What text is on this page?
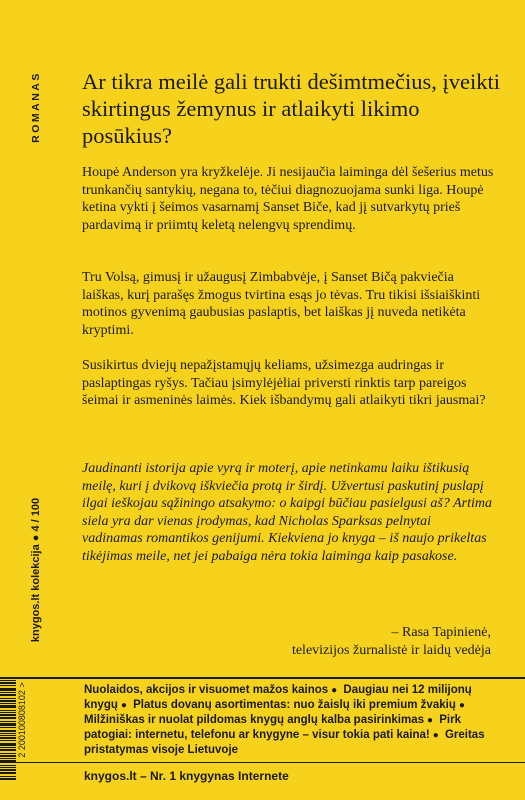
ROMANAS Ar tikra meilė gali trukti dešimtmečius, įveikti skirtingus žemynus ir atlaikyti likimo posūkius?

Houpė Anderson yra kryžkelėje. Ji nesijaučia laiminga dėl šešerius metus trunkančių santykių, negana to, tėčiui diagnozuojama sunki liga. Houpė ketina vykti į šeimos vasarnamį Sanset Biče, kad jį sutvarkytų prieš pardavimą ir priimtų keletą nelengvų sprendimų.

Tru Volsą, gimusį ir užaugusį Zimbabvėje, į Sanset Bičą pakviečia laiškas, kurį parašęs žmogus tvirtina esąs jo tėvas. Tru tikisi išsiaiškinti motinos gyvenimą gaubusias paslaptis, bet laiškas jį nuveda netikėta kryptimi.

Susikirtus dviejų nepažįstamųjų keliams, užsimezga audringas ir paslaptingas ryšys. Tačiau įsimylėjėliai priversti rinktis tarp pareigos šeimai ir asmeninės laimės. Kiek išbandymų gali atlaikyti tikri jausmai?

Jaudinanti istorija apie vyrą ir moterį, apie netinkamu laiku ištikusią meilę, kuri į dvikovą iškviečia protą ir širdį. Užvertusi paskutinį puslapį ilgai ieškojau sąžiningo atsakymo: o kaipgi būčiau pasielgusi aš? Artima siela yra dar vienas įrodymas, kad Nicholas Sparksas pelnytai vadinamas romantikos genijumi. Kiekviena jo knyga – iš naujo prikeltas tikėjimas meile, net jei pabaiga nėra tokia laiminga kaip pasakose.

– Rasa Tapinienė,

televizijos žurnalistė ir laidų vedėja

knygos.lt kolekcija ● 4 / 100
Nuolaidos, akcijos ir visuomet mažos kainos ● Daugiau nei 12 milijonų knygų ● Platus dovanų asortimentas: nuo žaislų iki premium žvakių ● Milžiniškas ir nuolat pildomas knygų anglų kalba pasirinkimas ● Pirk patogiai: internetu, telefonu ar knygyne – visur tokia pati kaina! ● Greitas pristatymas visoje Lietuvoje
knygos.lt – Nr. 1 knygynas Internete
2 200100808102 >
